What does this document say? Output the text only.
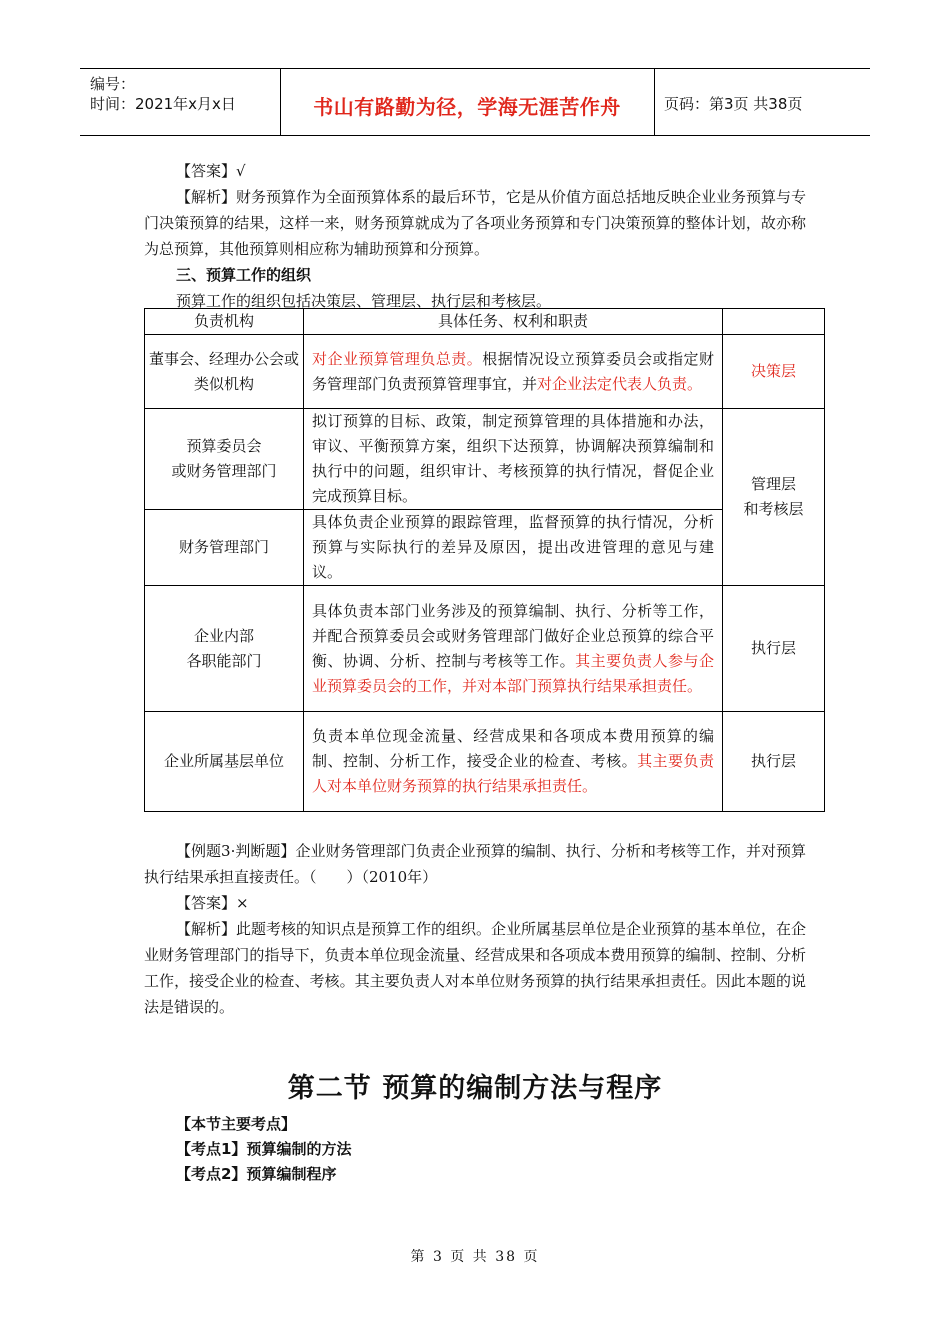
编号：
时间：2021年x月x日	书山有路勤为径，学海无涯苦作舟	页码：第3页 共38页

【答案】√

【解析】财务预算作为全面预算体系的最后环节，它是从价值方面总括地反映企业业务预算与专门决策预算的结果，这样一来，财务预算就成为了各项业务预算和专门决策预算的整体计划，故亦称为总预算，其他预算则相应称为辅助预算和分预算。

三、预算工作的组织

预算工作的组织包括决策层、管理层、执行层和考核层。

负责机构	具体任务、权利和职责	
董事会、经理办公会或类似机构	对企业预算管理负总责。根据情况设立预算委员会或指定财务管理部门负责预算管理事宜，并对企业法定代表人负责。	决策层
预算委员会
或财务管理部门	拟订预算的目标、政策，制定预算管理的具体措施和办法，审议、平衡预算方案，组织下达预算，协调解决预算编制和执行中的问题，组织审计、考核预算的执行情况，督促企业完成预算目标。	管理层
和考核层
财务管理部门	具体负责企业预算的跟踪管理，监督预算的执行情况，分析预算与实际执行的差异及原因，提出改进管理的意见与建议。	
企业内部
各职能部门	具体负责本部门业务涉及的预算编制、执行、分析等工作，并配合预算委员会或财务管理部门做好企业总预算的综合平衡、协调、分析、控制与考核等工作。其主要负责人参与企业预算委员会的工作，并对本部门预算执行结果承担责任。	执行层
企业所属基层单位	负责本单位现金流量、经营成果和各项成本费用预算的编制、控制、分析工作，接受企业的检查、考核。其主要负责人对本单位财务预算的执行结果承担责任。	执行层

【例题3·判断题】企业财务管理部门负责企业预算的编制、执行、分析和考核等工作，并对预算执行结果承担直接责任。（　　）（2010年）

【答案】×

【解析】此题考核的知识点是预算工作的组织。企业所属基层单位是企业预算的基本单位，在企业财务管理部门的指导下，负责本单位现金流量、经营成果和各项成本费用预算的编制、控制、分析工作，接受企业的检查、考核。其主要负责人对本单位财务预算的执行结果承担责任。因此本题的说法是错误的。

第二节 预算的编制方法与程序

【本节主要考点】

【考点1】预算编制的方法

【考点2】预算编制程序

第 3 页 共 38 页
